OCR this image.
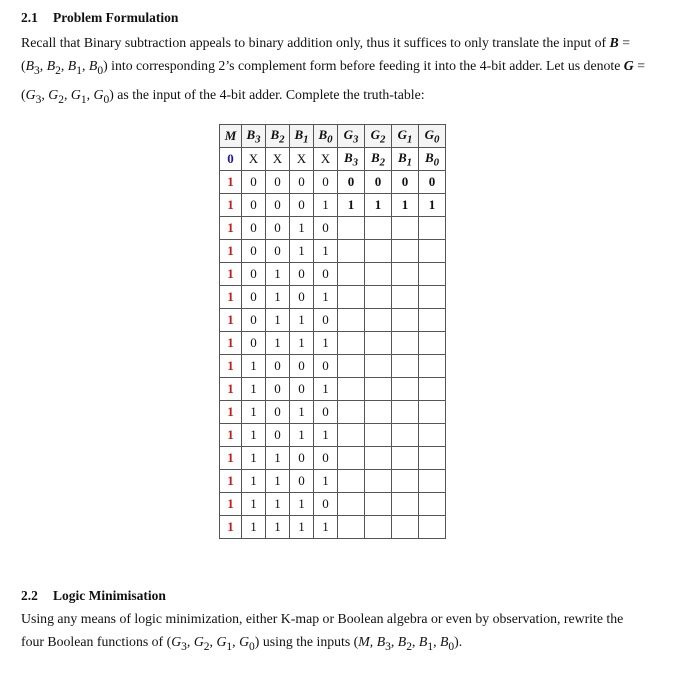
2.1 Problem Formulation
Recall that Binary subtraction appeals to binary addition only, thus it suffices to only translate the input of B =
($B_3$, $B_2$, $B_1$, $B_0$) into corresponding 2’s complement form before feeding it into the 4-bit adder. Let us denote G =
($G_3$, $G_2$, $G_1$, $G_0$) as the input of the 4-bit adder. Complete the truth-table:
M	$B_3$	$B_2$	$B_1$	$B_0$	$G_3$	$G_2$	$G_1$	$G_0$
0	X	X	X	X	$B_3$	$B_2$	$B_1$	$B_0$
1	0	0	0	0	0	0	0	0
1	0	0	0	1	1	1	1	1
1	0	0	1	0				
1	0	0	1	1				
1	0	1	0	0				
1	0	1	0	1				
1	0	1	1	0				
1	0	1	1	1				
1	1	0	0	0				
1	1	0	0	1				
1	1	0	1	0				
1	1	0	1	1				
1	1	1	0	0				
1	1	1	0	1				
1	1	1	1	0				
1	1	1	1	1				
2.2 Logic Minimisation
Using any means of logic minimization, either K-map or Boolean algebra or even by observation, rewrite the
four Boolean functions of ($G_3$, $G_2$, $G_1$, $G_0$) using the inputs (M, $B_3$, $B_2$, $B_1$, $B_0$).
